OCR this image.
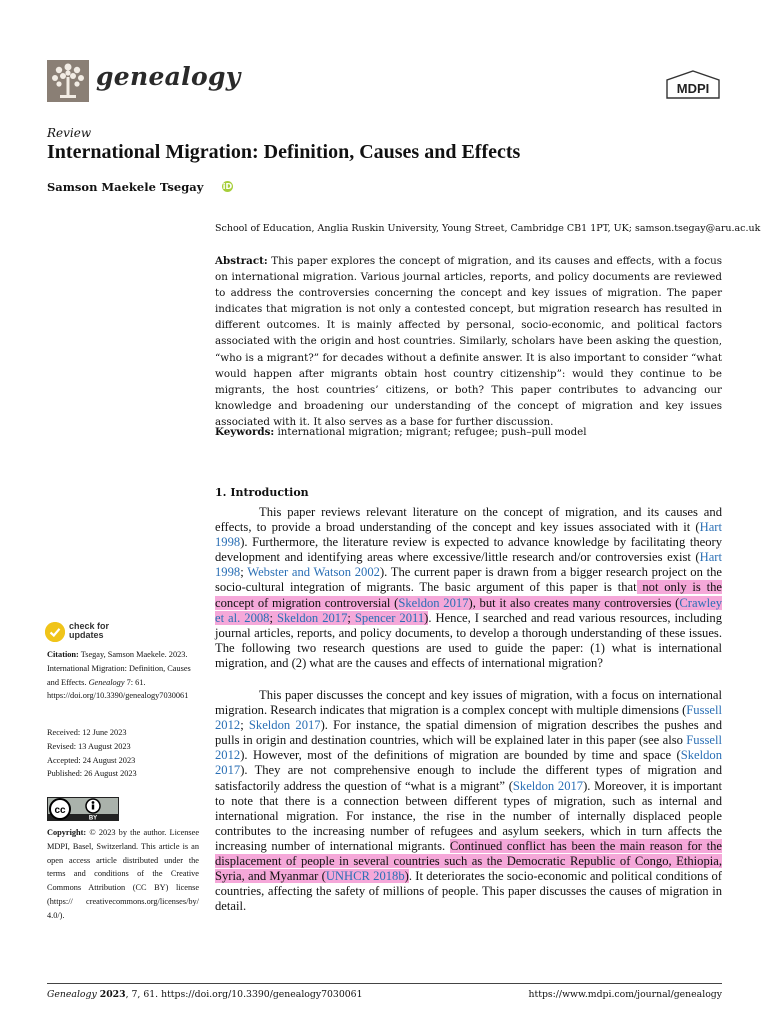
genealogy	MDPI
Review
International Migration: Definition, Causes and Effects
Samson Maekele Tsegay iD
School of Education, Anglia Ruskin University, Young Street, Cambridge CB1 1PT, UK; samson.tsegay@aru.ac.uk
Abstract: This paper explores the concept of migration, and its causes and effects, with a focus on international migration. Various journal articles, reports, and policy documents are reviewed to address the controversies concerning the concept and key issues of migration. The paper indicates that migration is not only a contested concept, but migration research has resulted in different outcomes. It is mainly affected by personal, socio-economic, and political factors associated with the origin and host countries. Similarly, scholars have been asking the question, “who is a migrant?” for decades without a definite answer. It is also important to consider “what would happen after migrants obtain host country citizenship”: would they continue to be migrants, the host countries’ citizens, or both? This paper contributes to advancing our knowledge and broadening our understanding of the concept of migration and key issues associated with it. It also serves as a base for further discussion.
Keywords: international migration; migrant; refugee; push–pull model
1. Introduction

This paper reviews relevant literature on the concept of migration, and its causes and effects, to provide a broad understanding of the concept and key issues associated with it (Hart 1998). Furthermore, the literature review is expected to advance knowledge by facilitating theory development and identifying areas where excessive/little research and/or controversies exist (Hart 1998; Webster and Watson 2002). The current paper is drawn from a bigger research project on the socio-cultural integration of migrants. The basic argument of this paper is that not only is the concept of migration controversial (Skeldon 2017), but it also creates many controversies (Crawley et al. 2008; Skeldon 2017; Spencer 2011). Hence, I searched and read various resources, including journal articles, reports, and policy documents, to develop a thorough understanding of these issues. The following two research questions are used to guide the paper: (1) what is international migration, and (2) what are the causes and effects of international migration?

This paper discusses the concept and key issues of migration, with a focus on international migration. Research indicates that migration is a complex concept with multiple dimensions (Fussell 2012; Skeldon 2017). For instance, the spatial dimension of migration describes the pushes and pulls in origin and destination countries, which will be explained later in this paper (see also Fussell 2012). However, most of the definitions of migration are bounded by time and space (Skeldon 2017). They are not comprehensive enough to include the different types of migration and satisfactorily address the question of “what is a migrant” (Skeldon 2017). Moreover, it is important to note that there is a connection between different types of migration, such as internal and international migration. For instance, the rise in the number of internally displaced people contributes to the increasing number of refugees and asylum seekers, which in turn affects the increasing number of international migrants. Continued conflict has been the main reason for the displacement of people in several countries such as the Democratic Republic of Congo, Ethiopia, Syria, and Myanmar (UNHCR 2018b). It deteriorates the socio-economic and political conditions of countries, affecting the safety of millions of people. This paper discusses the causes of migration in detail.

check for
updates
Citation: Tsegay, Samson Maekele. 2023. International Migration: Definition, Causes and Effects. Genealogy 7: 61. https://doi.org/10.3390/genealogy7030061
Received: 12 June 2023
Revised: 13 August 2023
Accepted: 24 August 2023
Published: 26 August 2023
cc
BY
Copyright: © 2023 by the author. Licensee MDPI, Basel, Switzerland. This article is an open access article distributed under the terms and conditions of the Creative Commons Attribution (CC BY) license (https:// creativecommons.org/licenses/by/ 4.0/).
Genealogy 2023, 7, 61. https://doi.org/10.3390/genealogy7030061	https://www.mdpi.com/journal/genealogy
